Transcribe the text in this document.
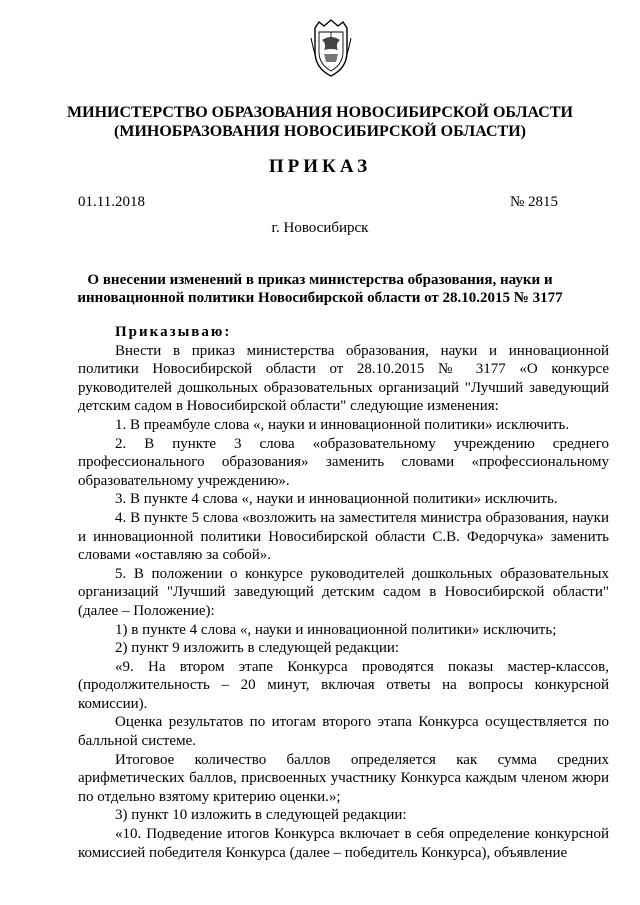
МИНИСТЕРСТВО ОБРАЗОВАНИЯ НОВОСИБИРСКОЙ ОБЛАСТИ
(МИНОБРАЗОВАНИЯ НОВОСИБИРСКОЙ ОБЛАСТИ)
ПРИКАЗ
01.11.2018	№ 2815
г. Новосибирск
О внесении изменений в приказ министерства образования, науки и
инновационной политики Новосибирской области от 28.10.2015 № 3177

Приказываю:

Внести в приказ министерства образования, науки и инновационной политики Новосибирской области от 28.10.2015 № 3177 «О конкурсе руководителей дошкольных образовательных организаций "Лучший заведующий детским садом в Новосибирской области" следующие изменения:

1. В преамбуле слова «, науки и инновационной политики» исключить.

2. В пункте 3 слова «образовательному учреждению среднего профессионального образования» заменить словами «профессиональному образовательному учреждению».

3. В пункте 4 слова «, науки и инновационной политики» исключить.

4. В пункте 5 слова «возложить на заместителя министра образования, науки и инновационной политики Новосибирской области С.В. Федорчука» заменить словами «оставляю за собой».

5. В положении о конкурсе руководителей дошкольных образовательных организаций "Лучший заведующий детским садом в Новосибирской области" (далее – Положение):

1) в пункте 4 слова «, науки и инновационной политики» исключить;

2) пункт 9 изложить в следующей редакции:

«9. На втором этапе Конкурса проводятся показы мастер-классов, (продолжительность – 20 минут, включая ответы на вопросы конкурсной комиссии).

Оценка результатов по итогам второго этапа Конкурса осуществляется по балльной системе.

Итоговое количество баллов определяется как сумма средних арифметических баллов, присвоенных участнику Конкурса каждым членом жюри по отдельно взятому критерию оценки.»;

3) пункт 10 изложить в следующей редакции:

«10. Подведение итогов Конкурса включает в себя определение конкурсной комиссией победителя Конкурса (далее – победитель Конкурса), объявление
